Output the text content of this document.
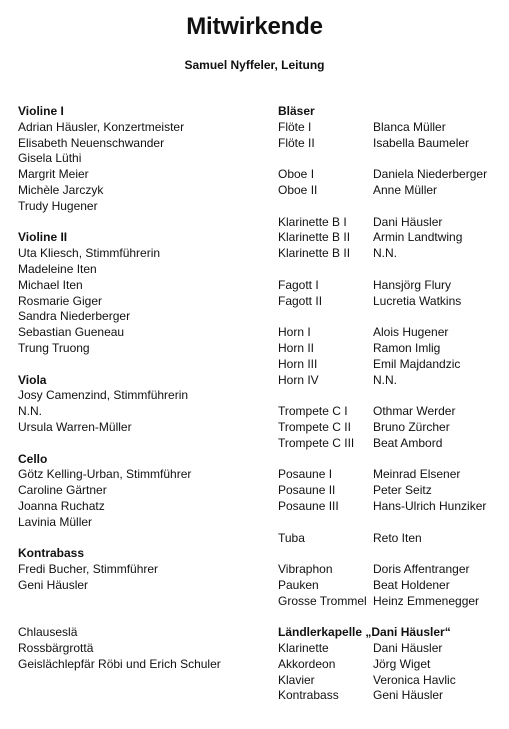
Mitwirkende
Samuel Nyffeler, Leitung
Violine I
Adrian Häusler, Konzertmeister
Elisabeth Neuenschwander
Gisela Lüthi
Margrit Meier
Michèle Jarczyk
Trudy Hugener
Violine II
Uta Kliesch, Stimmführerin
Madeleine Iten
Michael Iten
Rosmarie Giger
Sandra Niederberger
Sebastian Gueneau
Trung Truong
Viola
Josy Camenzind, Stimmführerin
N.N.
Ursula Warren-Müller
Cello
Götz Kelling-Urban, Stimmführer
Caroline Gärtner
Joanna Ruchatz
Lavinia Müller
Kontrabass
Fredi Bucher, Stimmführer
Geni Häusler
Chlauseslä
Rossbärgrottä
Geislächlepfär Röbi und Erich Schuler
Bläser
Flöte I	Blanca Müller
Flöte II	Isabella Baumeler
Oboe I	Daniela Niederberger
Oboe II	Anne Müller
Klarinette B I	Dani Häusler
Klarinette B II	Armin Landtwing
Klarinette B II	N.N.
Fagott I	Hansjörg Flury
Fagott II	Lucretia Watkins
Horn I	Alois Hugener
Horn II	Ramon Imlig
Horn III	Emil Majdandzic
Horn IV	N.N.
Trompete C I	Othmar Werder
Trompete C II	Bruno Zürcher
Trompete C III	Beat Ambord
Posaune I	Meinrad Elsener
Posaune II	Peter Seitz
Posaune III	Hans-Ulrich Hunziker
Tuba	Reto Iten
Vibraphon	Doris Affentranger
Pauken	Beat Holdener
Grosse Trommel Heinz Emmenegger
Ländlerkapelle „Dani Häusler“
Klarinette	Dani Häusler
Akkordeon	Jörg Wiget
Klavier	Veronica Havlic
Kontrabass	Geni Häusler
